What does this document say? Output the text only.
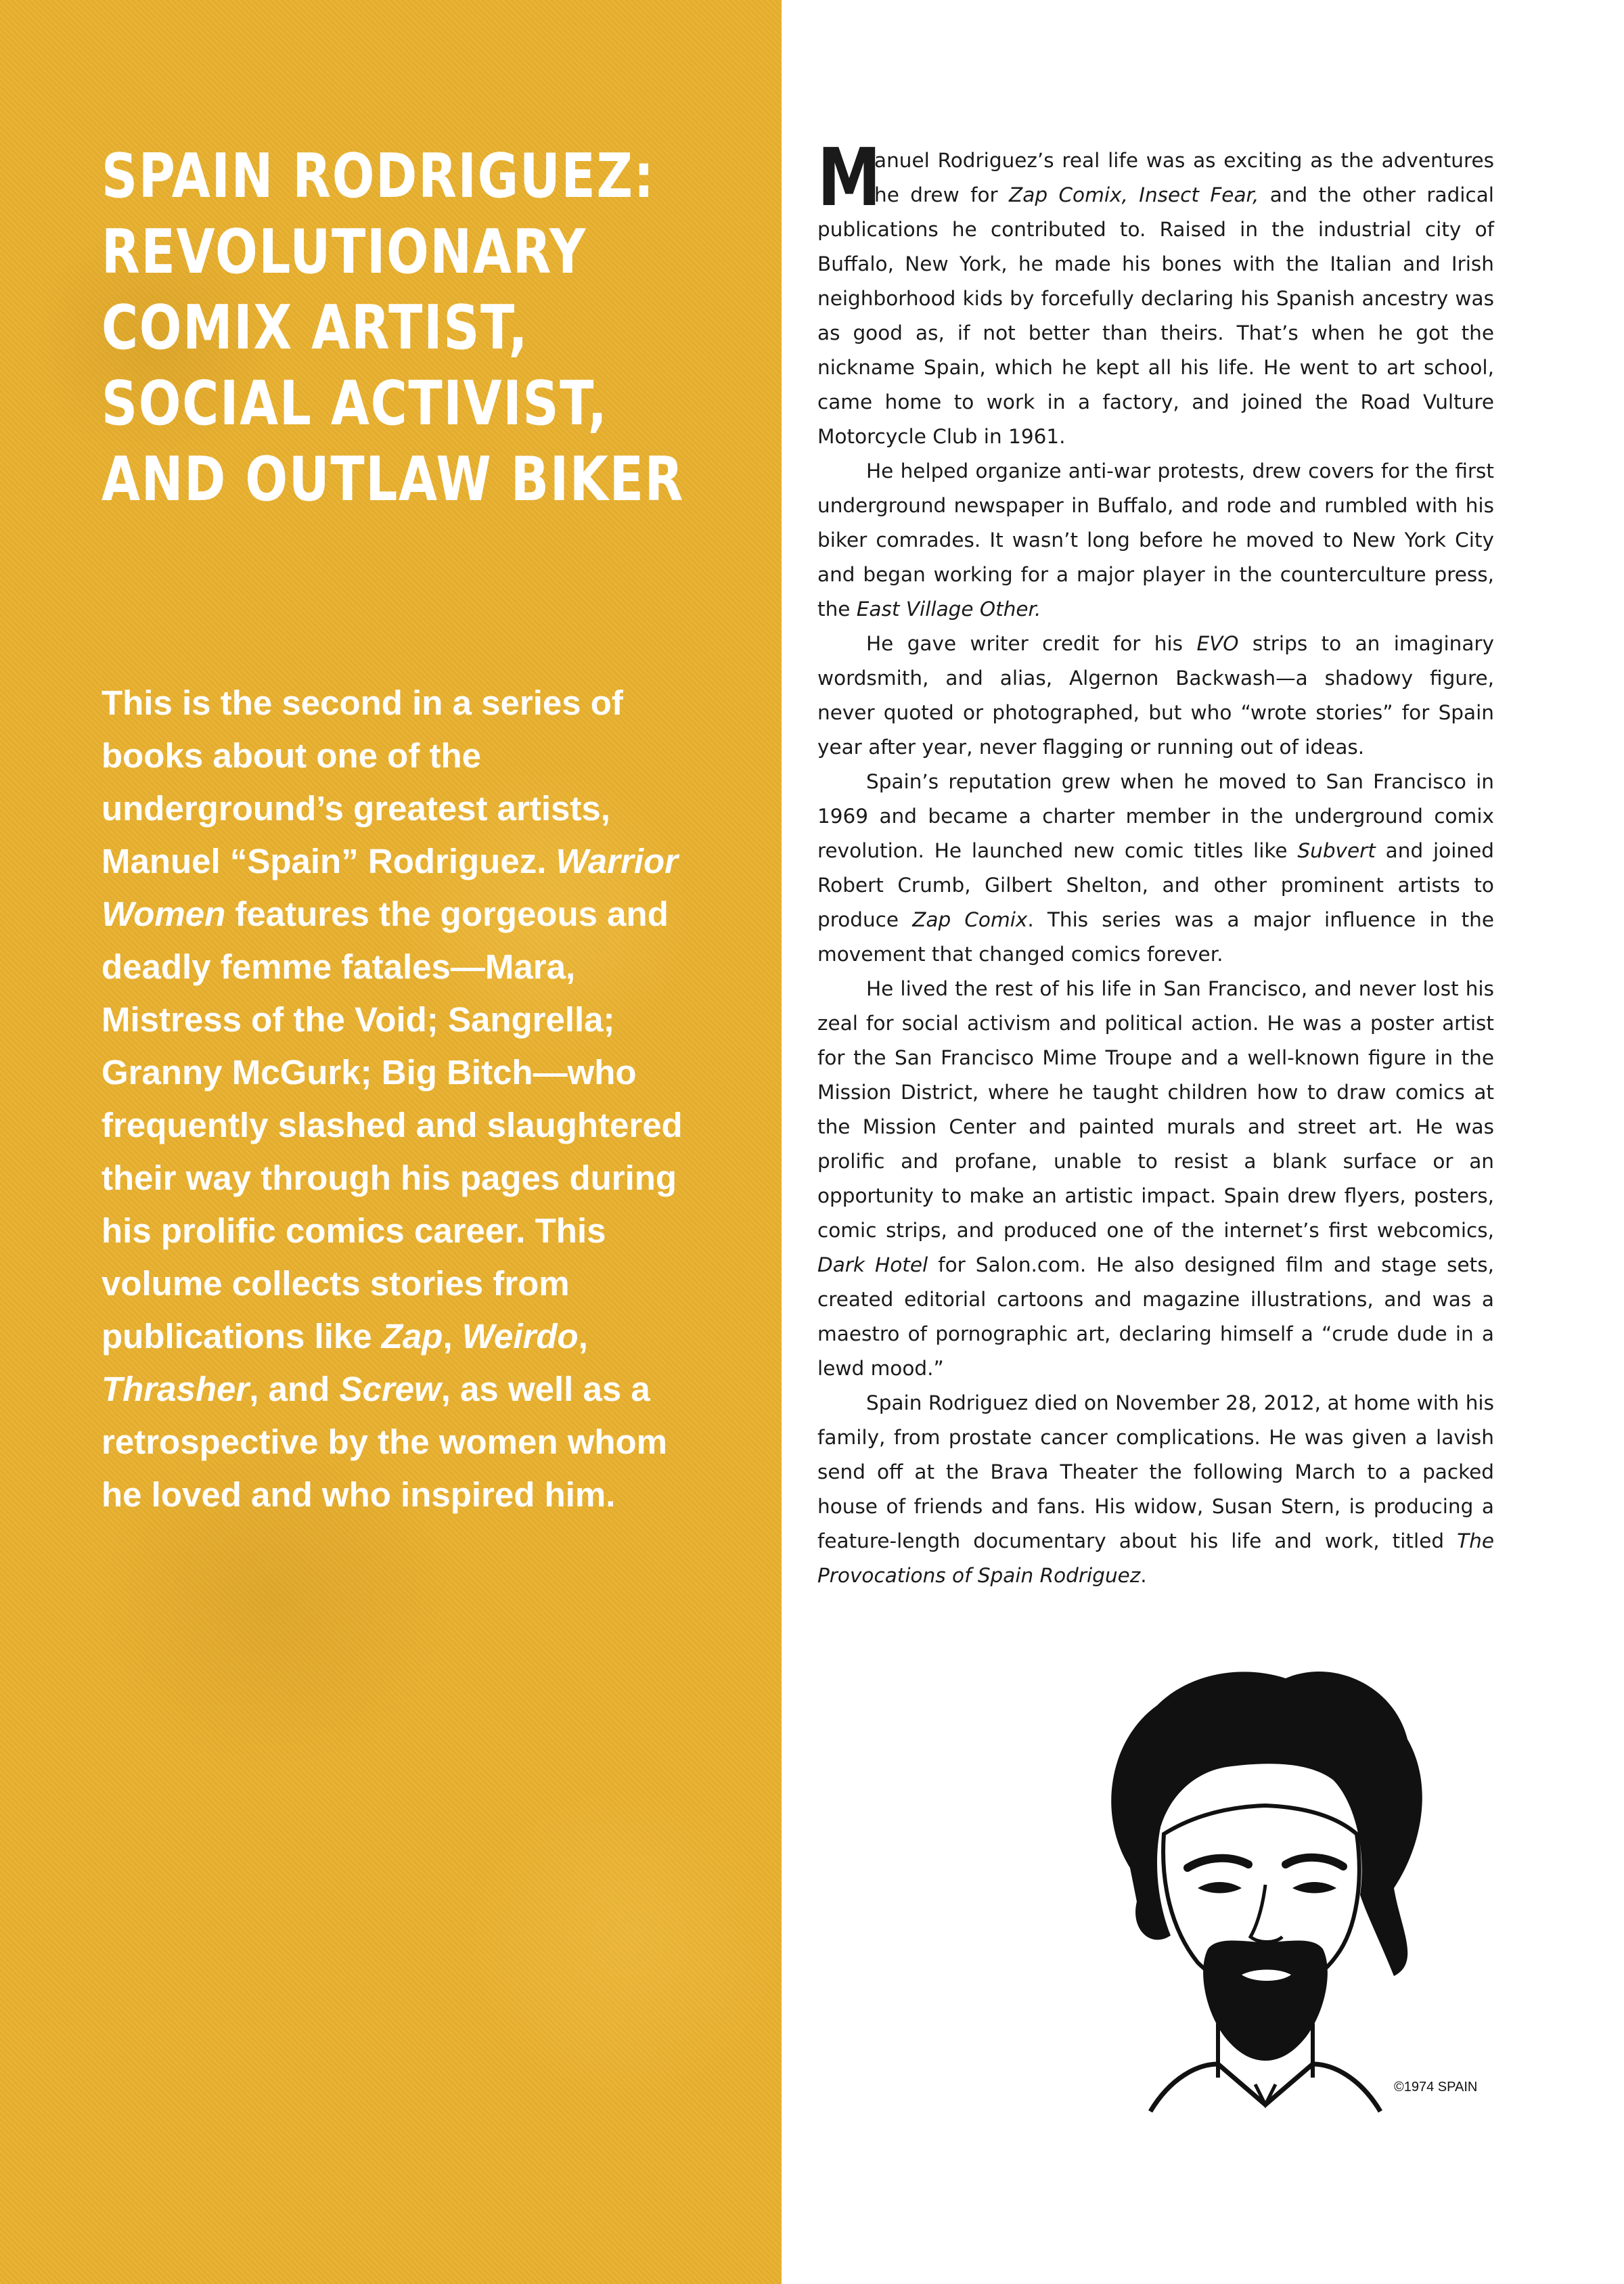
SPAIN RODRIGUEZ:
REVOLUTIONARY
COMIX ARTIST,
SOCIAL ACTIVIST,
AND OUTLAW BIKER

This is the second in a series of books about one of the underground’s greatest artists, Manuel “Spain” Rodriguez. Warrior Women features the gorgeous and deadly femme fatales—Mara, Mistress of the Void; Sangrella; Granny McGurk; Big Bitch—who frequently slashed and slaughtered their way through his pages during his prolific comics career. This volume collects stories from publications like Zap, Weirdo, Thrasher, and Screw, as well as a retrospective by the women whom he loved and who inspired him.

M
anuel Rodriguez’s real life was as exciting as the adventures he drew for Zap Comix, Insect Fear, and the other radical publications he contributed to. Raised in the industrial city of Buffalo, New York, he made his bones with the Italian and Irish neighborhood kids by forcefully declaring his Spanish ancestry was as good as, if not better than theirs. That’s when he got the nickname Spain, which he kept all his life. He went to art school, came home to work in a factory, and joined the Road Vulture Motorcycle Club in 1961.

He helped organize anti-war protests, drew covers for the first underground newspaper in Buffalo, and rode and rumbled with his biker comrades. It wasn’t long before he moved to New York City and began working for a major player in the counterculture press, the East Village Other.

He gave writer credit for his EVO strips to an imaginary wordsmith, and alias, Algernon Backwash—a shadowy figure, never quoted or photographed, but who “wrote stories” for Spain year after year, never flagging or running out of ideas.

Spain’s reputation grew when he moved to San Francisco in 1969 and became a charter member in the underground comix revolution. He launched new comic titles like Subvert and joined Robert Crumb, Gilbert Shelton, and other prominent artists to produce Zap Comix. This series was a major influence in the movement that changed comics forever.

He lived the rest of his life in San Francisco, and never lost his zeal for social activism and political action. He was a poster artist for the San Francisco Mime Troupe and a well-known figure in the Mission District, where he taught children how to draw comics at the Mission Center and painted murals and street art. He was prolific and profane, unable to resist a blank surface or an opportunity to make an artistic impact. Spain drew flyers, posters, comic strips, and produced one of the internet’s first webcomics, Dark Hotel for Salon.com. He also designed film and stage sets, created editorial cartoons and magazine illustrations, and was a maestro of pornographic art, declaring himself a “crude dude in a lewd mood.”

Spain Rodriguez died on November 28, 2012, at home with his family, from prostate cancer complications. He was given a lavish send off at the Brava Theater the following March to a packed house of friends and fans. His widow, Susan Stern, is producing a feature-length documentary about his life and work, titled The Provocations of Spain Rodriguez.

©1974 SPAIN
